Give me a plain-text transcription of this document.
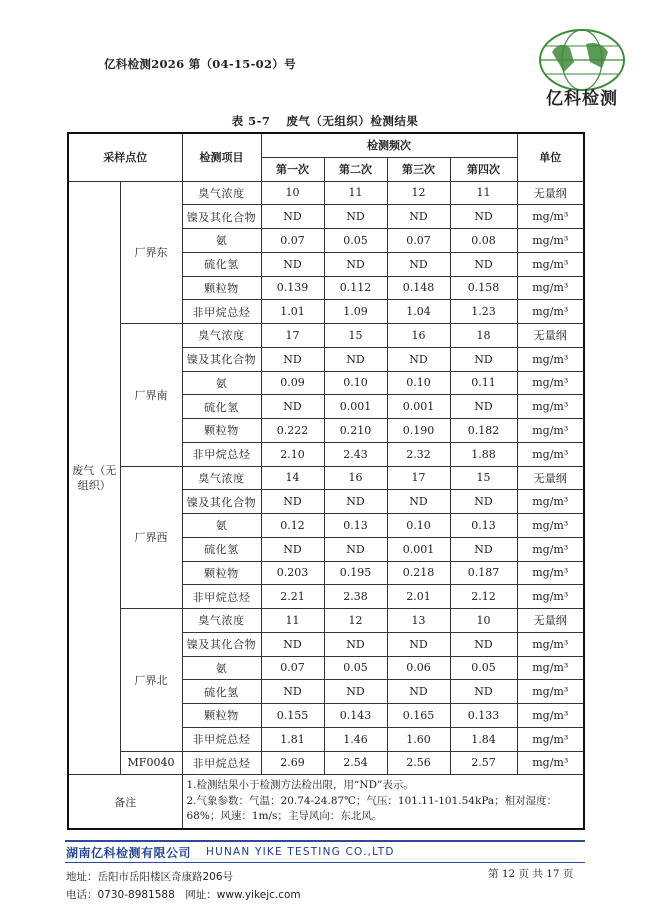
亿科检测2026 第（04-15-02）号
亿科检测
表 5-7 废气（无组织）检测结果
采样点位		检测项目	检测频次				单位
			第一次	第二次	第三次	第四次	
废气（无组织）	厂界东	臭气浓度	10	11	12	11	无量纲
		镍及其化合物	ND	ND	ND	ND	mg/m³
		氨	0.07	0.05	0.07	0.08	mg/m³
		硫化氢	ND	ND	ND	ND	mg/m³
		颗粒物	0.139	0.112	0.148	0.158	mg/m³
		非甲烷总烃	1.01	1.09	1.04	1.23	mg/m³
	厂界南	臭气浓度	17	15	16	18	无量纲
		镍及其化合物	ND	ND	ND	ND	mg/m³
		氨	0.09	0.10	0.10	0.11	mg/m³
		硫化氢	ND	0.001	0.001	ND	mg/m³
		颗粒物	0.222	0.210	0.190	0.182	mg/m³
		非甲烷总烃	2.10	2.43	2.32	1.88	mg/m³
	厂界西	臭气浓度	14	16	17	15	无量纲
		镍及其化合物	ND	ND	ND	ND	mg/m³
		氨	0.12	0.13	0.10	0.13	mg/m³
		硫化氢	ND	ND	0.001	ND	mg/m³
		颗粒物	0.203	0.195	0.218	0.187	mg/m³
		非甲烷总烃	2.21	2.38	2.01	2.12	mg/m³
	厂界北	臭气浓度	11	12	13	10	无量纲
		镍及其化合物	ND	ND	ND	ND	mg/m³
		氨	0.07	0.05	0.06	0.05	mg/m³
		硫化氢	ND	ND	ND	ND	mg/m³
		颗粒物	0.155	0.143	0.165	0.133	mg/m³
		非甲烷总烃	1.81	1.46	1.60	1.84	mg/m³
	MF0040	非甲烷总烃	2.69	2.54	2.56	2.57	mg/m³
备注		1.检测结果小于检测方法检出限，用“ND”表示。
2.气象参数：气温：20.74-24.87℃；气压：101.11-101.54kPa；相对湿度：68%；风速：1m/s；主导风向：东北风。					
湖南亿科检测有限公司 HUNAN YIKE TESTING CO.,LTD
地址：岳阳市岳阳楼区奇康路206号
电话：0730-8981588　网址：www.yikejc.com
第 12 页 共 17 页
